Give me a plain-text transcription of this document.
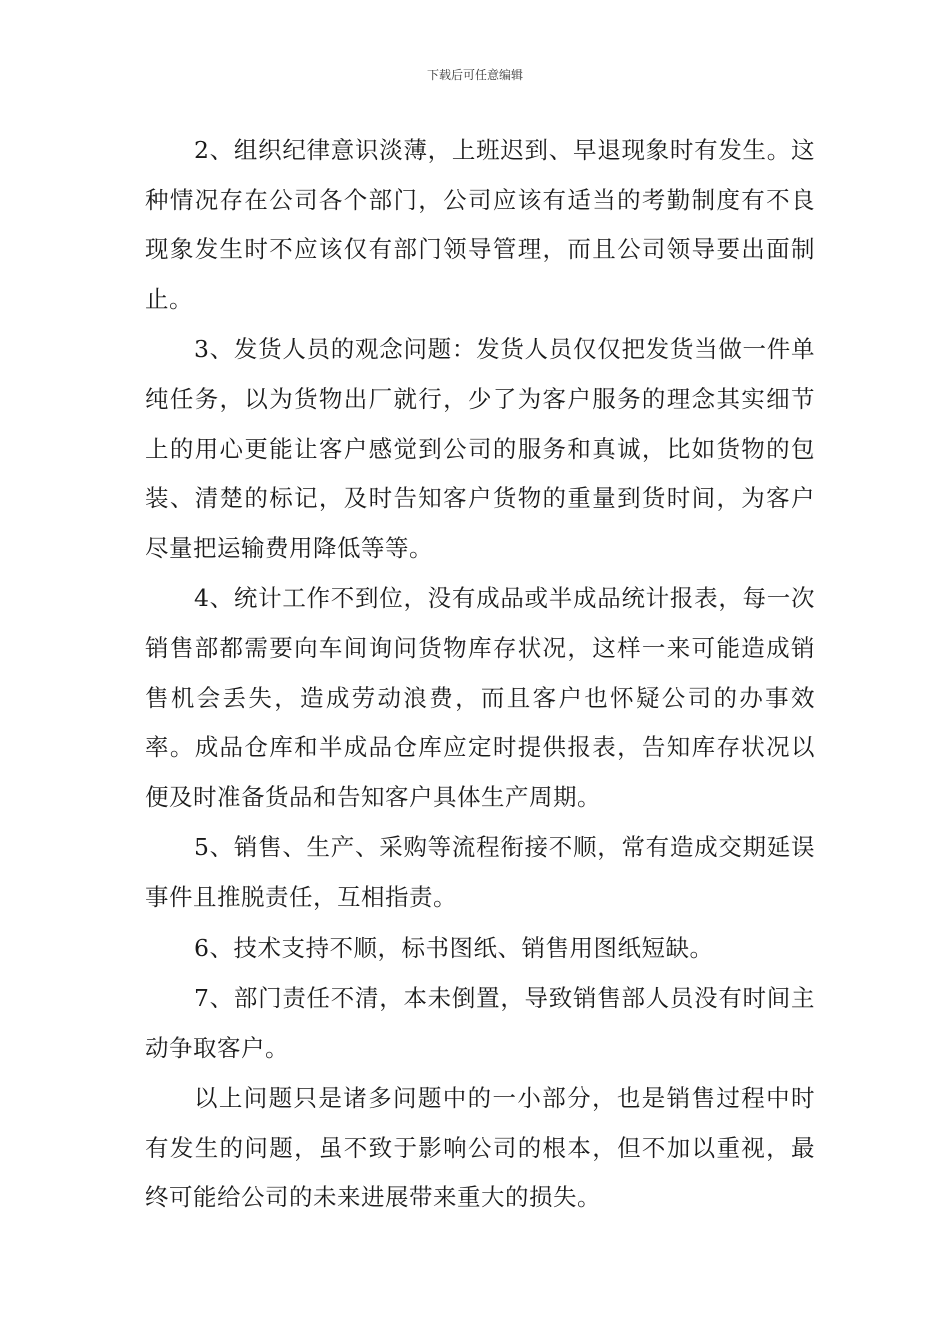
下载后可任意编辑

2、组织纪律意识淡薄，上班迟到、早退现象时有发生。这种情况存在公司各个部门，公司应该有适当的考勤制度有不良现象发生时不应该仅有部门领导管理，而且公司领导要出面制止。

3、发货人员的观念问题：发货人员仅仅把发货当做一件单纯任务，以为货物出厂就行，少了为客户服务的理念其实细节上的用心更能让客户感觉到公司的服务和真诚，比如货物的包装、清楚的标记，及时告知客户货物的重量到货时间，为客户尽量把运输费用降低等等。

4、统计工作不到位，没有成品或半成品统计报表，每一次销售部都需要向车间询问货物库存状况，这样一来可能造成销售机会丢失，造成劳动浪费，而且客户也怀疑公司的办事效率。成品仓库和半成品仓库应定时提供报表，告知库存状况以便及时准备货品和告知客户具体生产周期。

5、销售、生产、采购等流程衔接不顺，常有造成交期延误事件且推脱责任，互相指责。

6、技术支持不顺，标书图纸、销售用图纸短缺。

7、部门责任不清，本未倒置，导致销售部人员没有时间主动争取客户。

以上问题只是诸多问题中的一小部分，也是销售过程中时有发生的问题，虽不致于影响公司的根本，但不加以重视，最终可能给公司的未来进展带来重大的损失。
